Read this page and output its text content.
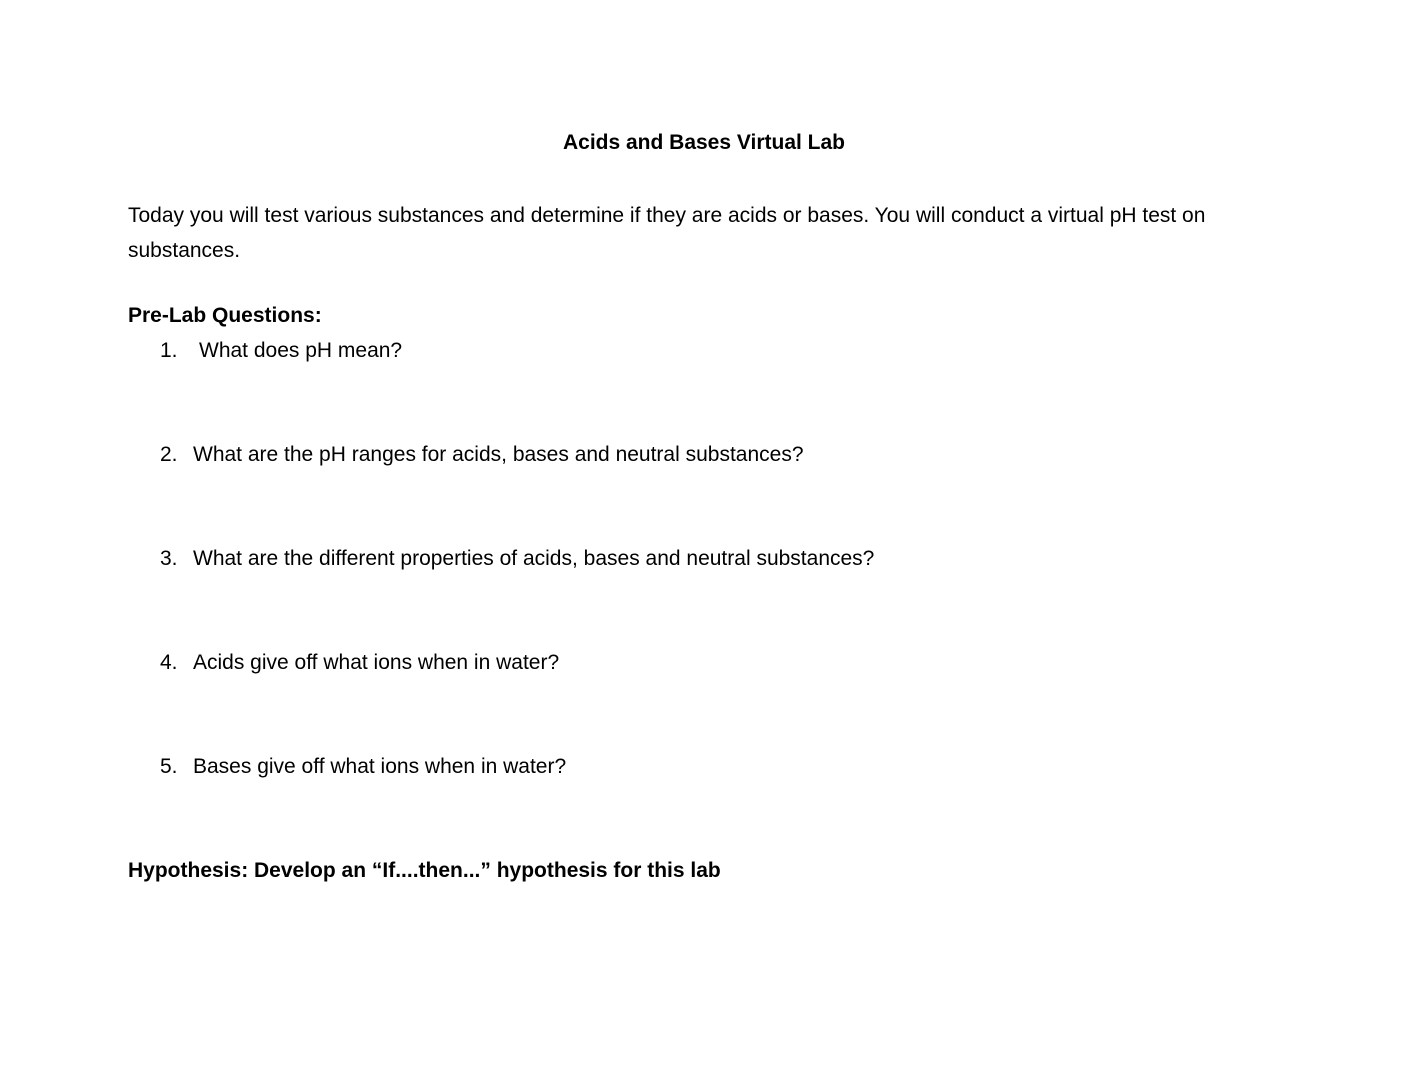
Acids and Bases Virtual Lab

Today you will test various substances and determine if they are acids or bases. You will conduct a virtual pH test on substances.

Pre-Lab Questions:
1. What does pH mean?
2. What are the pH ranges for acids, bases and neutral substances?
3. What are the different properties of acids, bases and neutral substances?
4. Acids give off what ions when in water?
5. Bases give off what ions when in water?
Hypothesis: Develop an “If....then...” hypothesis for this lab
